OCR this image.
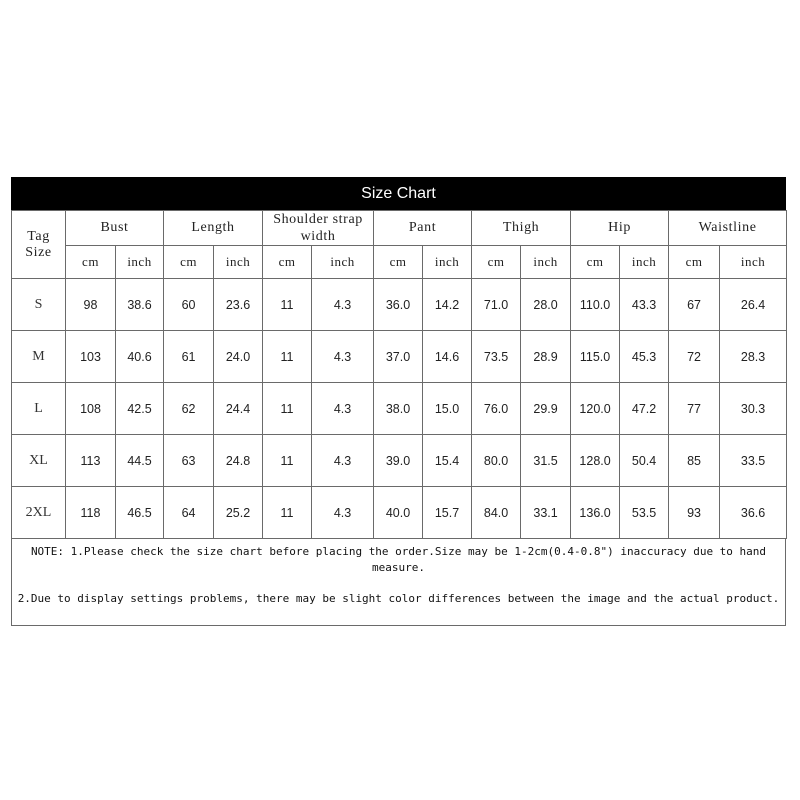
Size Chart
Tag
Size	Bust		Length		Shoulder strap width		Pant		Thigh		Hip		Waistline	
	cm	inch	cm	inch	cm	inch	cm	inch	cm	inch	cm	inch	cm	inch
S	98	38.6	60	23.6	11	4.3	36.0	14.2	71.0	28.0	110.0	43.3	67	26.4
M	103	40.6	61	24.0	11	4.3	37.0	14.6	73.5	28.9	115.0	45.3	72	28.3
L	108	42.5	62	24.4	11	4.3	38.0	15.0	76.0	29.9	120.0	47.2	77	30.3
XL	113	44.5	63	24.8	11	4.3	39.0	15.4	80.0	31.5	128.0	50.4	85	33.5
2XL	118	46.5	64	25.2	11	4.3	40.0	15.7	84.0	33.1	136.0	53.5	93	36.6

NOTE: 1.Please check the size chart before placing the order.Size may be 1-2cm(0.4-0.8") inaccuracy due to hand measure.

2.Due to display settings problems, there may be slight color differences between the image and the actual product.
